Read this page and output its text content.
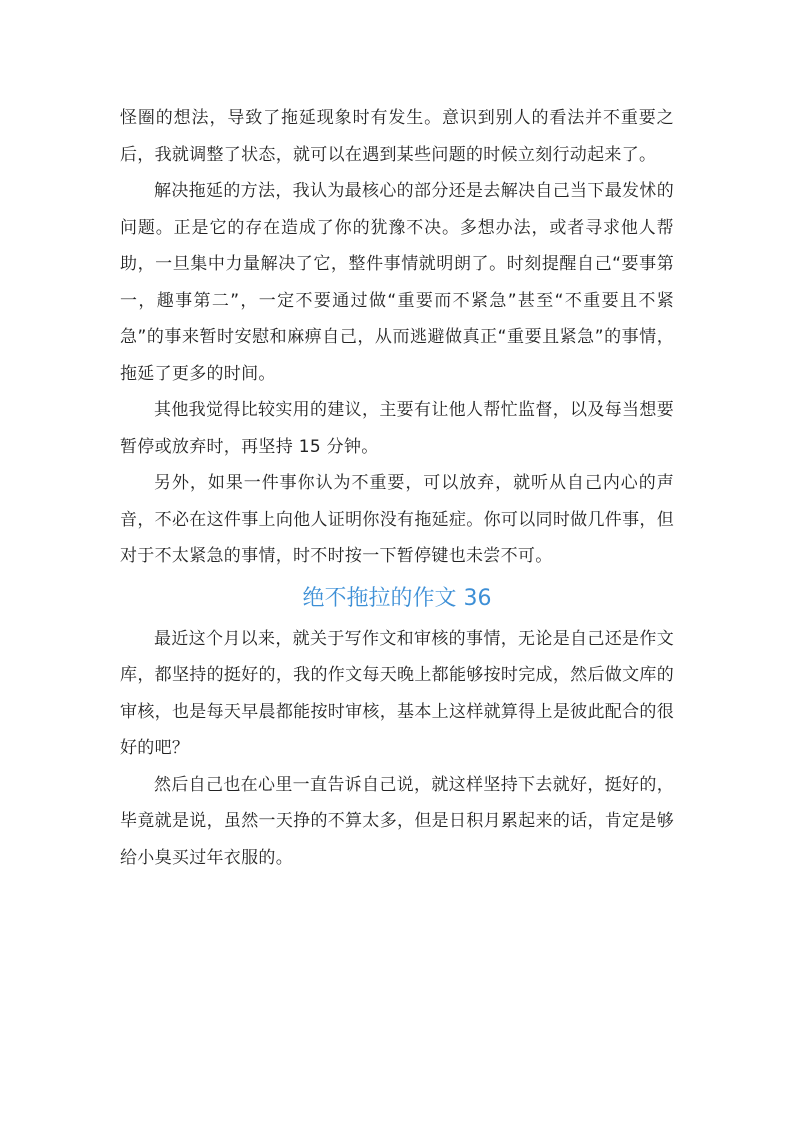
怪圈的想法，导致了拖延现象时有发生。意识到别人的看法并不重要之后，我就调整了状态，就可以在遇到某些问题的时候立刻行动起来了。

解决拖延的方法，我认为最核心的部分还是去解决自己当下最发怵的问题。正是它的存在造成了你的犹豫不决。多想办法，或者寻求他人帮助，一旦集中力量解决了它，整件事情就明朗了。时刻提醒自己“要事第一，趣事第二”，一定不要通过做“重要而不紧急”甚至“不重要且不紧急”的事来暂时安慰和麻痹自己，从而逃避做真正“重要且紧急”的事情，拖延了更多的时间。

其他我觉得比较实用的建议，主要有让他人帮忙监督，以及每当想要暂停或放弃时，再坚持 15 分钟。

另外，如果一件事你认为不重要，可以放弃，就听从自己内心的声音，不必在这件事上向他人证明你没有拖延症。你可以同时做几件事，但对于不太紧急的事情，时不时按一下暂停键也未尝不可。

绝不拖拉的作文 36

最近这个月以来，就关于写作文和审核的事情，无论是自己还是作文库，都坚持的挺好的，我的作文每天晚上都能够按时完成，然后做文库的审核，也是每天早晨都能按时审核，基本上这样就算得上是彼此配合的很好的吧？

然后自己也在心里一直告诉自己说，就这样坚持下去就好，挺好的，毕竟就是说，虽然一天挣的不算太多，但是日积月累起来的话，肯定是够给小臭买过年衣服的。
